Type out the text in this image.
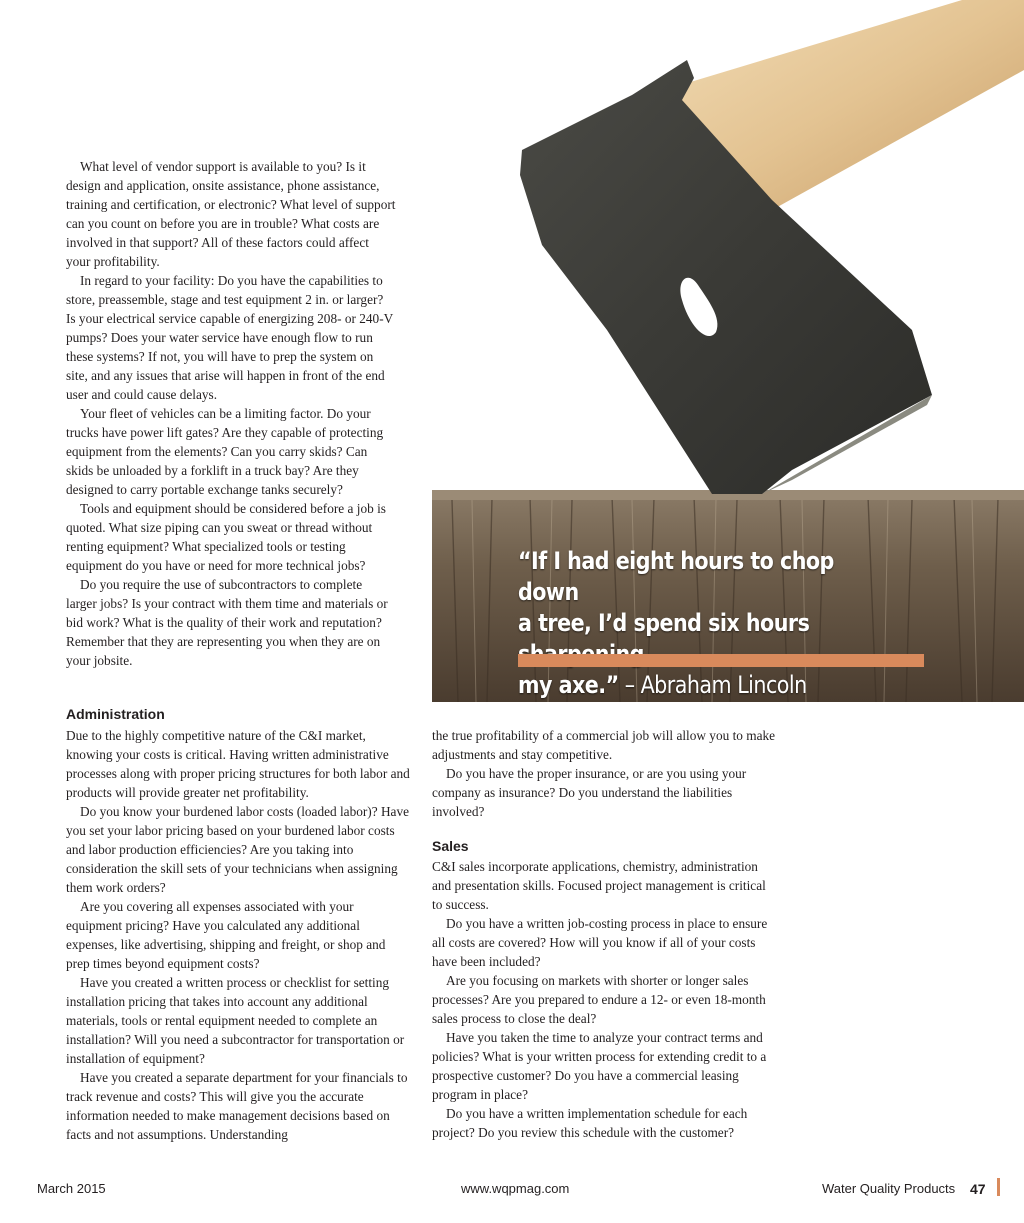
“If I had eight hours to chop down
a tree, I’d spend six hours
my axe.” – Abraham Lincoln

What level of vendor support is available to you? Is it design and application, onsite assistance, phone assistance, training and certification, or electronic? What level of support can you count on before you are in trouble? What costs are involved in that support? All of these factors could affect your profitability.

In regard to your facility: Do you have the capabilities to store, preassemble, stage and test equipment 2 in. or larger? Is your electrical service capable of energizing 208- or 240-V pumps? Does your water service have enough flow to run these systems? If not, you will have to prep the system on site, and any issues that arise will happen in front of the end user and could cause delays.

Your fleet of vehicles can be a limiting factor. Do your trucks have power lift gates? Are they capable of protecting equipment from the elements? Can you carry skids? Can skids be unloaded by a forklift in a truck bay? Are they designed to carry portable exchange tanks securely?

Tools and equipment should be considered before a job is quoted. What size piping can you sweat or thread without renting equipment? What specialized tools or testing equipment do you have or need for more technical jobs?

Do you require the use of subcontractors to complete larger jobs? Is your contract with them time and materials or bid work? What is the quality of their work and reputation? Remember that they are representing you when they are on your jobsite.

Administration

Due to the highly competitive nature of the C&I market, knowing your costs is critical. Having written administrative processes along with proper pricing structures for both labor and products will provide greater net profitability.

Do you know your burdened labor costs (loaded labor)? Have you set your labor pricing based on your burdened labor costs and labor production efficiencies? Are you taking into consideration the skill sets of your technicians when assigning them work orders?

Are you covering all expenses associated with your equipment pricing? Have you calculated any additional expenses, like advertising, shipping and freight, or shop and prep times beyond equipment costs?

Have you created a written process or checklist for setting installation pricing that takes into account any additional materials, tools or rental equipment needed to complete an installation? Will you need a subcontractor for transportation or installation of equipment?

Have you created a separate department for your financials to track revenue and costs? This will give you the accurate information needed to make management decisions based on facts and not assumptions. Understanding

the true profitability of a commercial job will allow you to make adjustments and stay competitive.

Do you have the proper insurance, or are you using your company as insurance? Do you understand the liabilities involved?

C&I sales incorporate applications, chemistry, administration and presentation skills. Focused project management is critical to success.

Do you have a written job-costing process in place to ensure all costs are covered? How will you know if all of your costs have been included?

Are you focusing on markets with shorter or longer sales processes? Are you prepared to endure a 12- or even 18-month sales process to close the deal?

Have you taken the time to analyze your contract terms and policies? What is your written process for extending credit to a prospective customer? Do you have a commercial leasing program in place?

Do you have a written implementation schedule for each project? Do you review this schedule with the customer?

Sales
March 2015	www.wqpmag.com	Water Quality Products 47
